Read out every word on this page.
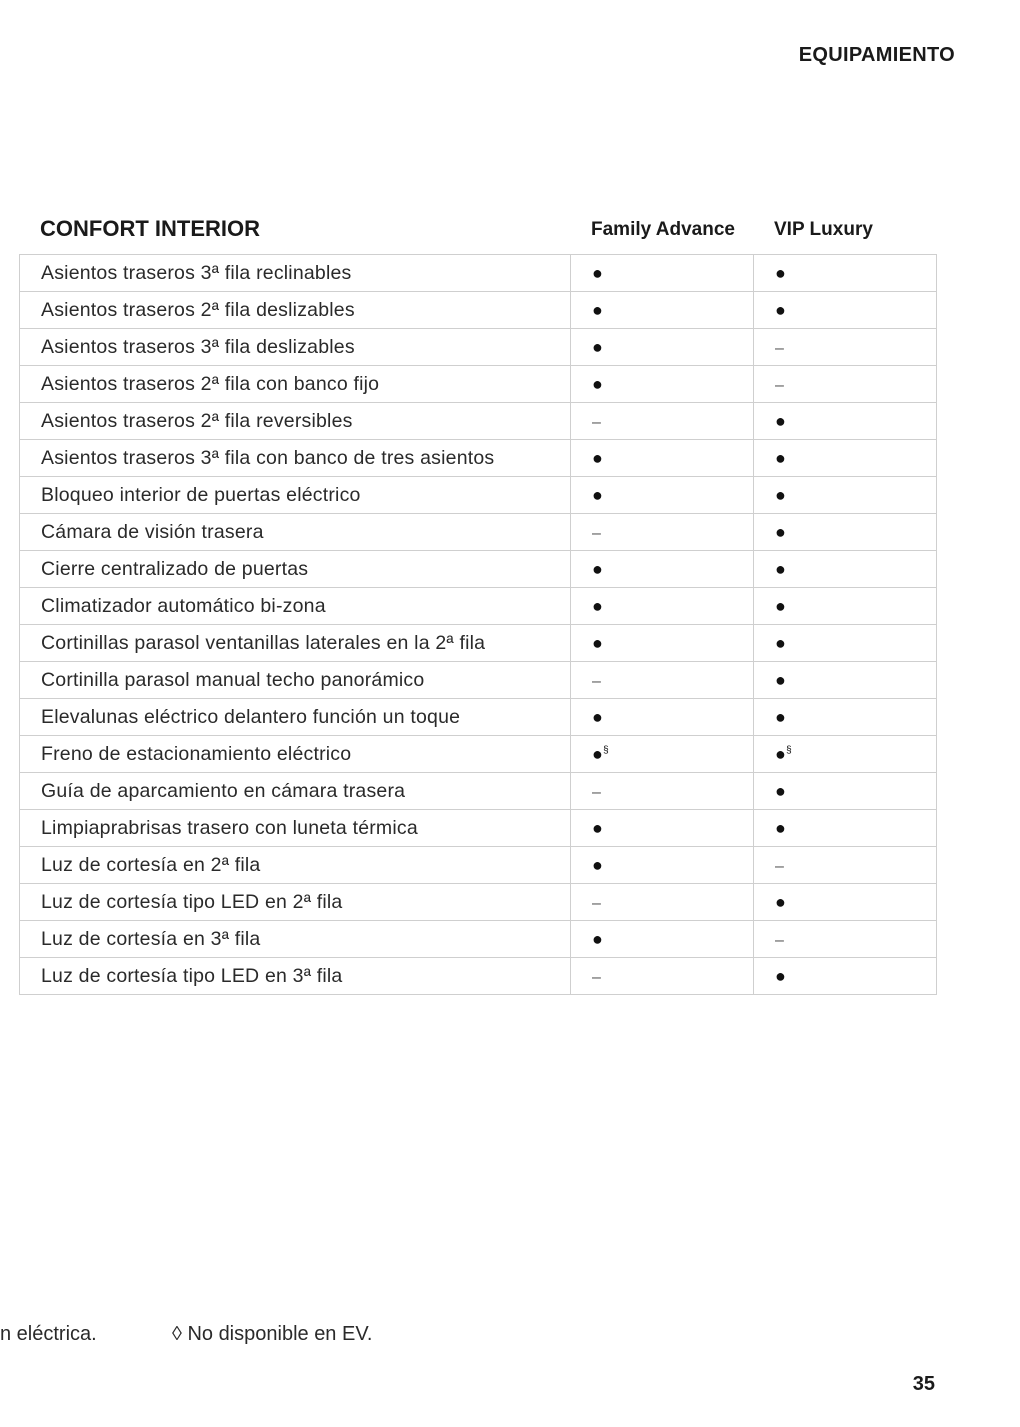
EQUIPAMIENTO
CONFORT INTERIOR	Family Advance	VIP Luxury
Asientos traseros 3ª fila reclinables	●	●
Asientos traseros 2ª fila deslizables	●	●
Asientos traseros 3ª fila deslizables	●	–
Asientos traseros 2ª fila con banco fijo	●	–
Asientos traseros 2ª fila reversibles	–	●
Asientos traseros 3ª fila con banco de tres asientos	●	●
Bloqueo interior de puertas eléctrico	●	●
Cámara de visión trasera	–	●
Cierre centralizado de puertas	●	●
Climatizador automático bi-zona	●	●
Cortinillas parasol ventanillas laterales en la 2ª fila	●	●
Cortinilla parasol manual techo panorámico	–	●
Elevalunas eléctrico delantero función un toque	●	●
Freno de estacionamiento eléctrico	●§	●§
Guía de aparcamiento en cámara trasera	–	●
Limpiaprabrisas trasero con luneta térmica	●	●
Luz de cortesía en 2ª fila	●	–
Luz de cortesía tipo LED en 2ª fila	–	●
Luz de cortesía en 3ª fila	●	–
Luz de cortesía tipo LED en 3ª fila	–	●
n eléctrica.	◊ No disponible en EV.
35
